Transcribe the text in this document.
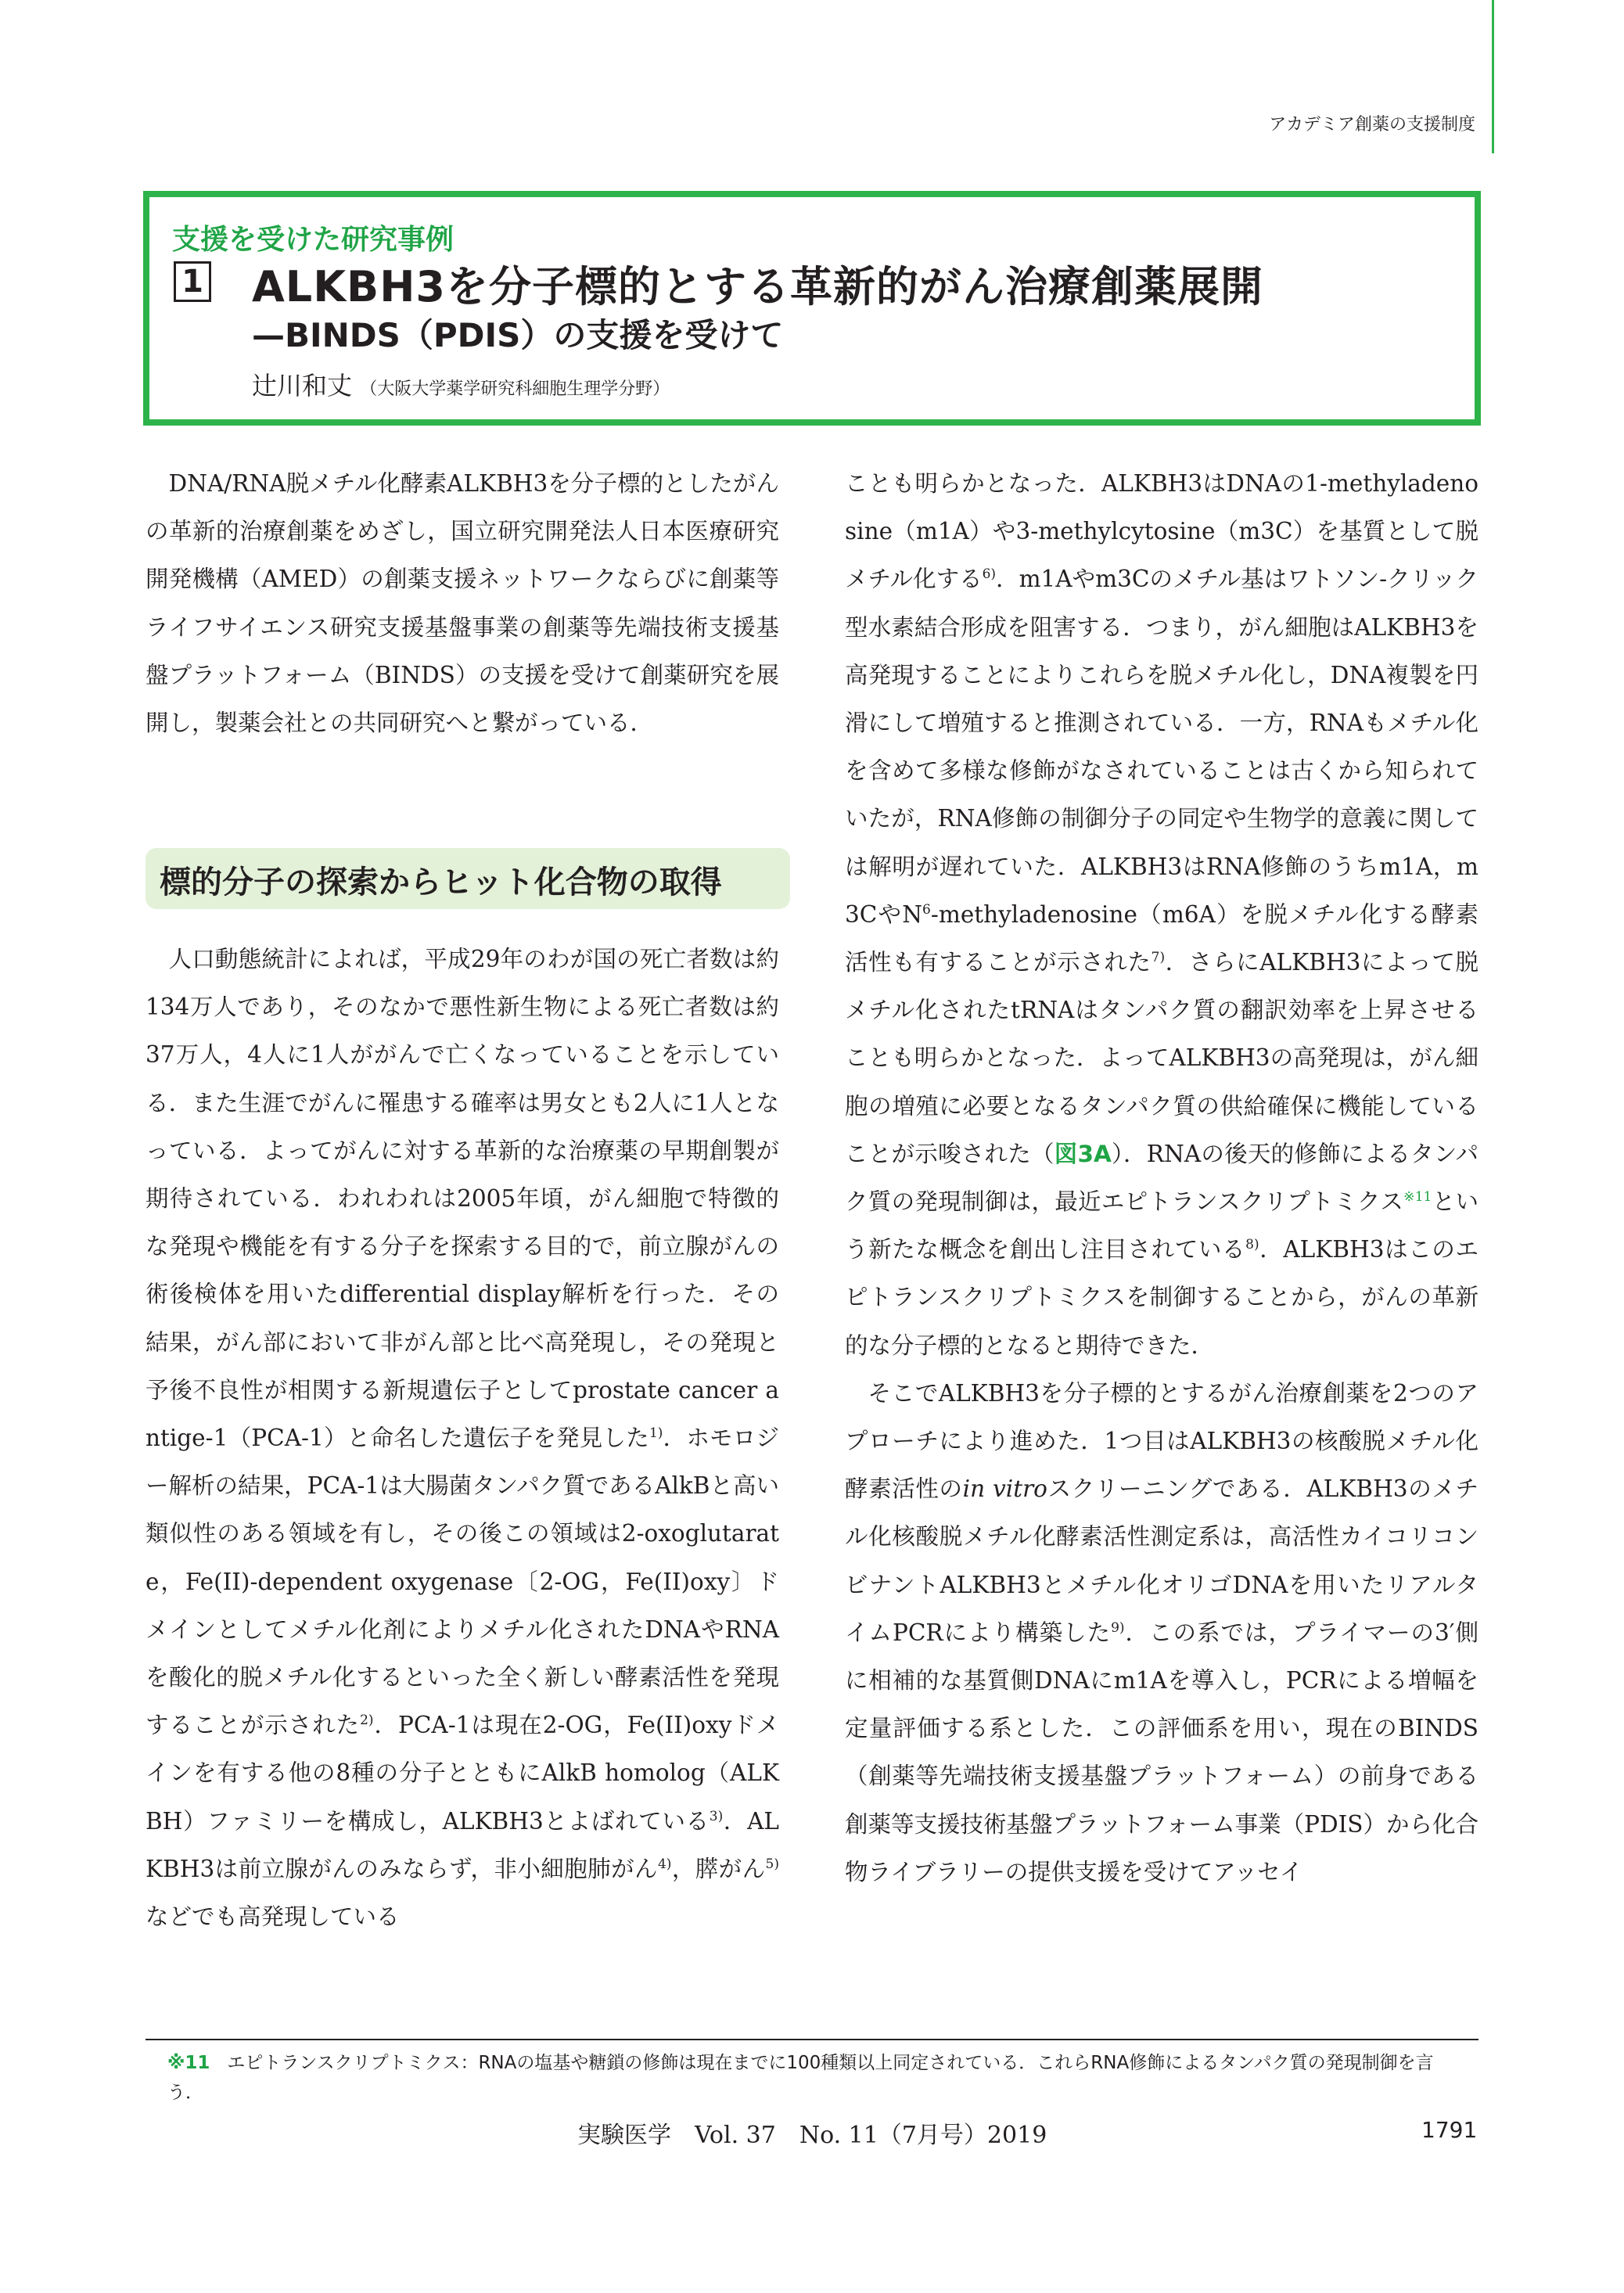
アカデミア創薬の支援制度
支援を受けた研究事例
1 ALKBH3を分子標的とする革新的がん治療創薬展開
—BINDS（PDIS）の支援を受けて
辻川和丈 （大阪大学薬学研究科細胞生理学分野）

DNA/RNA脱メチル化酵素ALKBH3を分子標的としたがんの革新的治療創薬をめざし，国立研究開発法人日本医療研究開発機構（AMED）の創薬支援ネットワークならびに創薬等ライフサイエンス研究支援基盤事業の創薬等先端技術支援基盤プラットフォーム（BINDS）の支援を受けて創薬研究を展開し，製薬会社との共同研究へと繋がっている．

標的分子の探索からヒット化合物の取得

人口動態統計によれば，平成29年のわが国の死亡者数は約134万人であり，そのなかで悪性新生物による死亡者数は約37万人，4人に1人ががんで亡くなっていることを示している．また生涯でがんに罹患する確率は男女とも2人に1人となっている．よってがんに対する革新的な治療薬の早期創製が期待されている．われわれは2005年頃，がん細胞で特徴的な発現や機能を有する分子を探索する目的で，前立腺がんの術後検体を用いたdifferential display解析を行った．その結果，がん部において非がん部と比べ高発現し，その発現と予後不良性が相関する新規遺伝子としてprostate cancer antige-1（PCA-1）と命名した遺伝子を発見した$^{1)}$．ホモロジー解析の結果，PCA-1は大腸菌タンパク質であるAlkBと高い類似性のある領域を有し，その後この領域は2-oxoglutarate，Fe(II)-dependent oxygenase〔2-OG，Fe(II)oxy〕ドメインとしてメチル化剤によりメチル化されたDNAやRNAを酸化的脱メチル化するといった全く新しい酵素活性を発現することが示された$^{2)}$．PCA-1は現在2-OG，Fe(II)oxyドメインを有する他の8種の分子とともにAlkB homolog（ALKBH）ファミリーを構成し，ALKBH3とよばれている$^{3)}$．ALKBH3は前立腺がんのみならず，非小細胞肺がん$^{4)}$，膵がん$^{5)}$などでも高発現している

ことも明らかとなった．ALKBH3はDNAの1-methyladenosine（m1A）や3-methylcytosine（m3C）を基質として脱メチル化する$^{6)}$．m1Aやm3Cのメチル基はワトソン-クリック型水素結合形成を阻害する．つまり，がん細胞はALKBH3を高発現することによりこれらを脱メチル化し，DNA複製を円滑にして増殖すると推測されている．一方，RNAもメチル化を含めて多様な修飾がなされていることは古くから知られていたが，RNA修飾の制御分子の同定や生物学的意義に関しては解明が遅れていた．ALKBH3はRNA修飾のうちm1A，m3Cや$N^6-methyladenosine(m6A)$を脱メチル化する酵素活性も有することが示された$^{7)}$．さらにALKBH3によって脱メチル化されたtRNAはタンパク質の翻訳効率を上昇させることも明らかとなった．よってALKBH3の高発現は，がん細胞の増殖に必要となるタンパク質の供給確保に機能していることが示唆された（図3A）．RNAの後天的修飾によるタンパク質の発現制御は，最近エピトランスクリプトミクス$^{※11}$という新たな概念を創出し注目されている$^{8)}$．ALKBH3はこのエピトランスクリプトミクスを制御することから，がんの革新的な分子標的となると期待できた．

そこでALKBH3を分子標的とするがん治療創薬を2つのアプローチにより進めた．1つ目はALKBH3の核酸脱メチル化酵素活性のin vitroスクリーニングである．ALKBH3のメチル化核酸脱メチル化酵素活性測定系は，高活性カイコリコンビナントALKBH3とメチル化オリゴDNAを用いたリアルタイムPCRにより構築した$^{9)}$．この系では，プライマーの3′側に相補的な基質側DNAにm1Aを導入し，PCRによる増幅を定量評価する系とした．この評価系を用い，現在のBINDS（創薬等先端技術支援基盤プラットフォーム）の前身である創薬等支援技術基盤プラットフォーム事業（PDIS）から化合物ライブラリーの提供支援を受けてアッセイ

※11 エピトランスクリプトミクス：RNAの塩基や糖鎖の修飾は現在までに100種類以上同定されている．これらRNA修飾によるタンパク質の発現制御を言う．
実験医学　Vol. 37　No. 11（7月号）2019	1791
